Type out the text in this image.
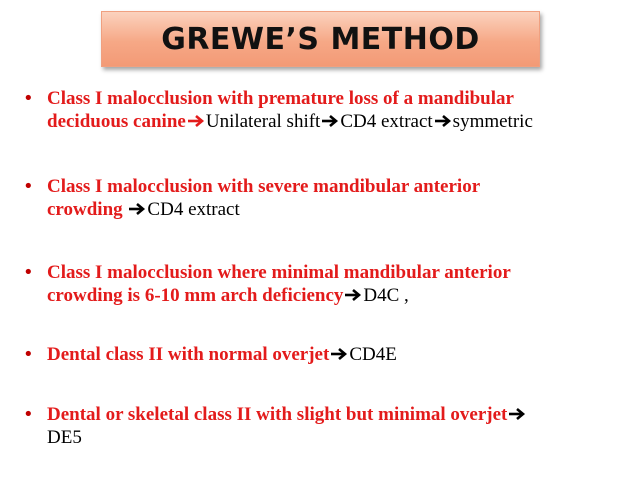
GREWE’S METHOD
• Class I malocclusion with premature loss of a mandibular
deciduous canine Unilateral shift CD4 extract symmetric
• Class I malocclusion with severe mandibular anterior
crowding
CD4 extract
• Class I malocclusion where minimal mandibular anterior
crowding is 6-10 mm arch deficiency D4C ,
• Dental class II with normal overjet CD4E
• Dental or skeletal class II with slight but minimal overjet

DE5
